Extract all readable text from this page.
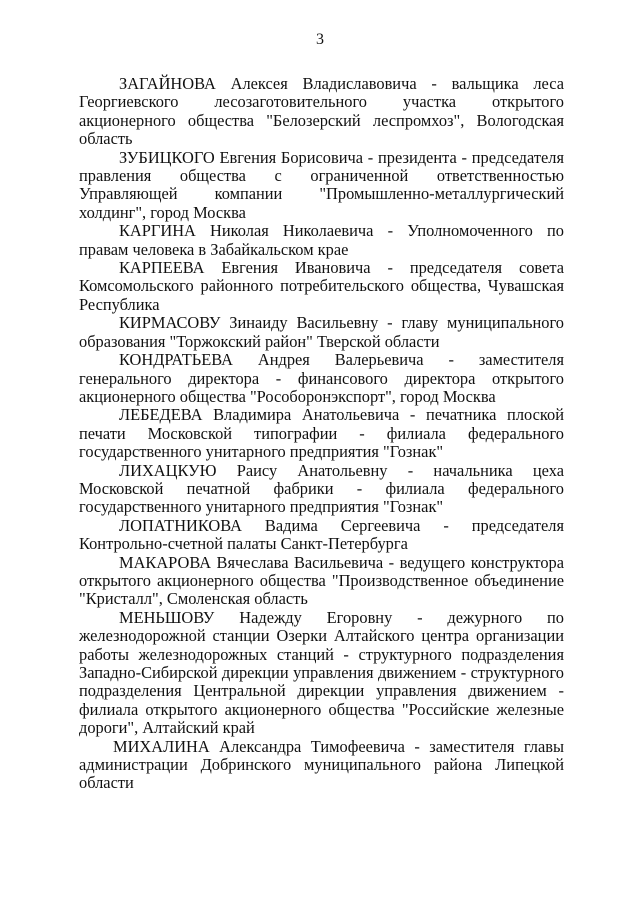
3

ЗАГАЙНОВА Алексея Владиславовича - вальщика леса Георгиевского лесозаготовительного участка открытого акционерного общества "Белозерский леспромхоз", Вологодская область

ЗУБИЦКОГО Евгения Борисовича - президента - председателя правления общества с ограниченной ответственностью Управляющей компании "Промышленно-металлургический холдинг", город Москва

КАРГИНА Николая Николаевича - Уполномоченного по правам человека в Забайкальском крае

КАРПЕЕВА Евгения Ивановича - председателя совета Комсомольского районного потребительского общества, Чувашская Республика

КИРМАСОВУ Зинаиду Васильевну - главу муниципального образования "Торжокский район" Тверской области

КОНДРАТЬЕВА Андрея Валерьевича - заместителя генерального директора - финансового директора открытого акционерного общества "Рособоронэкспорт", город Москва

ЛЕБЕДЕВА Владимира Анатольевича - печатника плоской печати Московской типографии - филиала федерального государственного унитарного предприятия "Гознак"

ЛИХАЦКУЮ Раису Анатольевну - начальника цеха Московской печатной фабрики - филиала федерального государственного унитарного предприятия "Гознак"

ЛОПАТНИКОВА Вадима Сергеевича - председателя Контрольно-счетной палаты Санкт-Петербурга

МАКАРОВА Вячеслава Васильевича - ведущего конструктора открытого акционерного общества "Производственное объединение "Кристалл", Смоленская область

МЕНЬШОВУ Надежду Егоровну - дежурного по железнодорожной станции Озерки Алтайского центра организации работы железнодорожных станций - структурного подразделения Западно-Сибирской дирекции управления движением - структурного подразделения Центральной дирекции управления движением - филиала открытого акционерного общества "Российские железные дороги", Алтайский край

МИХАЛИНА Александра Тимофеевича - заместителя главы администрации Добринского муниципального района Липецкой области
